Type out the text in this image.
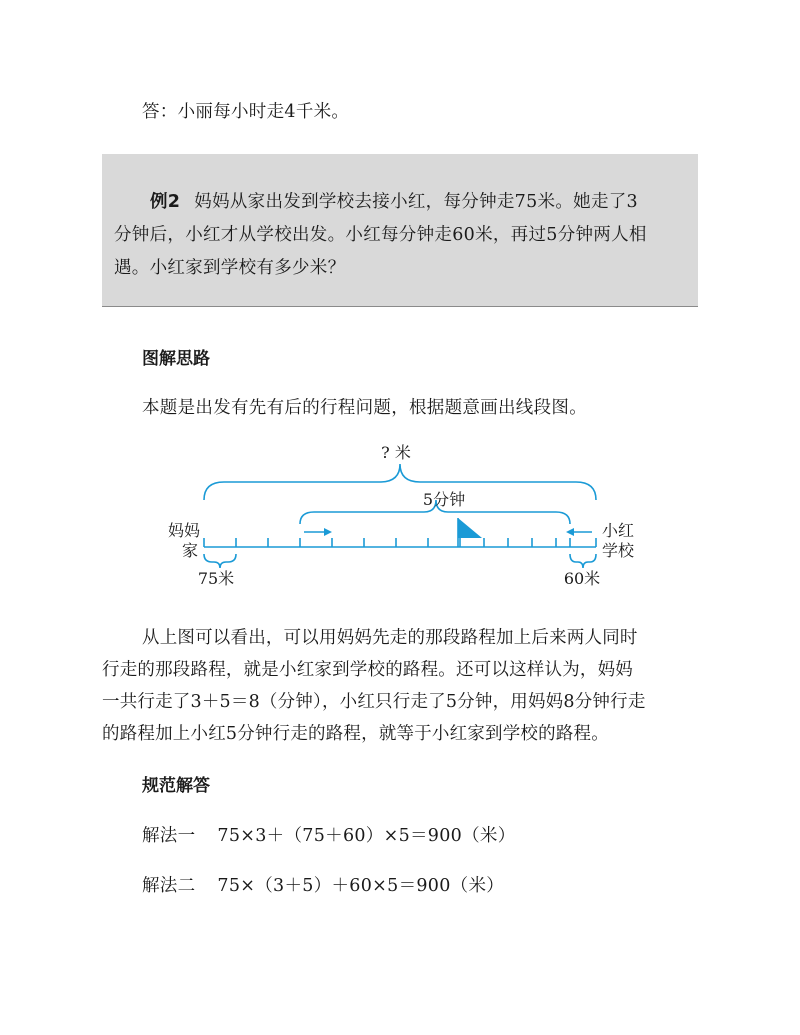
答：小丽每小时走4千米。
例2 妈妈从家出发到学校去接小红，每分钟走75米。她走了3
分钟后，小红才从学校出发。小红每分钟走60米，再过5分钟两人相
遇。小红家到学校有多少米？
图解思路
本题是出发有先有后的行程问题，根据题意画出线段图。
? 米
5分钟
妈妈
家
小红
学校
75米	60米
从上图可以看出，可以用妈妈先走的那段路程加上后来两人同时
行走的那段路程，就是小红家到学校的路程。还可以这样认为，妈妈
一共行走了3＋5＝8（分钟），小红只行走了5分钟，用妈妈8分钟行走
的路程加上小红5分钟行走的路程，就等于小红家到学校的路程。
规范解答
解法一 75×3＋（75＋60）×5＝900（米）
解法二 75×（3＋5）＋60×5＝900（米）
